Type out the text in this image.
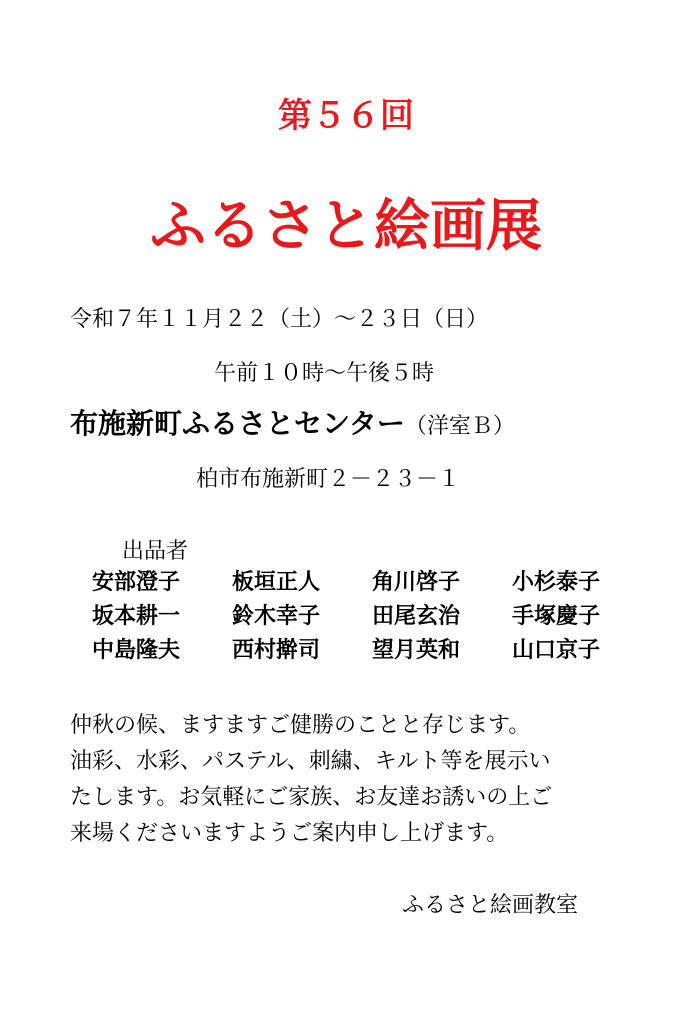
第５６回
ふるさと絵画展
令和７年１１月２２（土）～２３日（日）
午前１０時～午後５時
布施新町ふるさとセンター（洋室Ｂ）
柏市布施新町２－２３－１
出品者
安部澄子	板垣正人	角川啓子	小杉泰子
坂本耕一	鈴木幸子	田尾玄治	手塚慶子
中島隆夫	西村擀司	望月英和	山口京子
仲秋の候、ますますご健勝のことと存じます。
油彩、水彩、パステル、刺繍、キルト等を展示い
たします。お気軽にご家族、お友達お誘いの上ご
来場くださいますようご案内申し上げます。
ふるさと絵画教室
